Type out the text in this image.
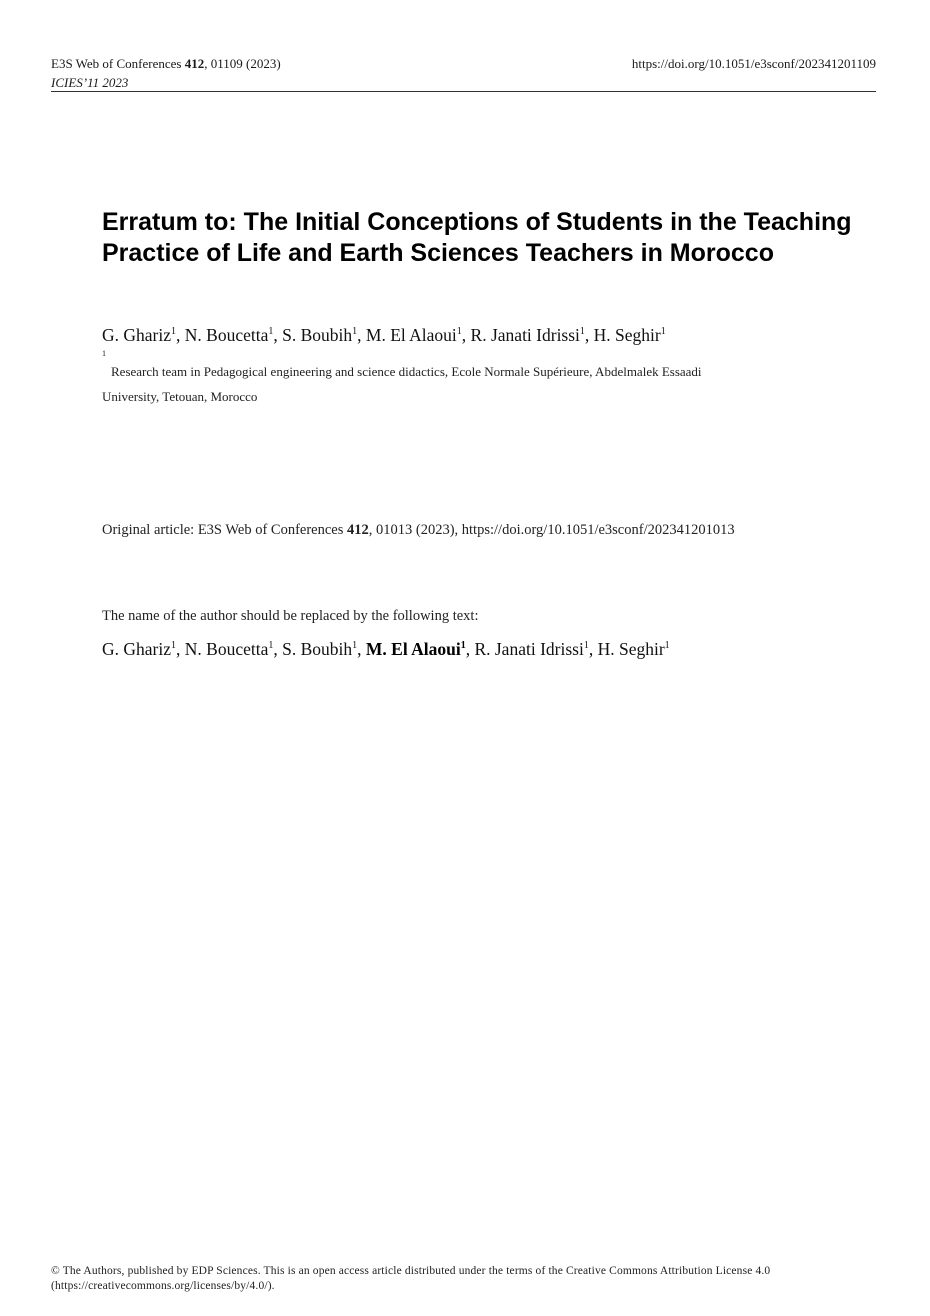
E3S Web of Conferences 412, 01109 (2023)
ICIES’11 2023
https://doi.org/10.1051/e3sconf/202341201109
Erratum to: The Initial Conceptions of Students in the Teaching
Practice of Life and Earth Sciences Teachers in Morocco
G. Ghariz$^1$, N. Boucetta$^1$, S. Boubih$^1$, M. El Alaoui$^1$, R. Janati Idrissi$^1$, H. Seghir$^1$
1
Research team in Pedagogical engineering and science didactics, Ecole Normale Supérieure, Abdelmalek Essaadi
University, Tetouan, Morocco
Original article: E3S Web of Conferences 412, 01013 (2023), https://doi.org/10.1051/e3sconf/202341201013
The name of the author should be replaced by the following text:
G. Ghariz$^1$, N. Boucetta$^1$, S. Boubih$^1$, M. El Alaoui$^1$, R. Janati Idrissi$^1$, H. Seghir$^1$
© The Authors, published by EDP Sciences. This is an open access article distributed under the terms of the Creative Commons Attribution License 4.0
(https://creativecommons.org/licenses/by/4.0/).
